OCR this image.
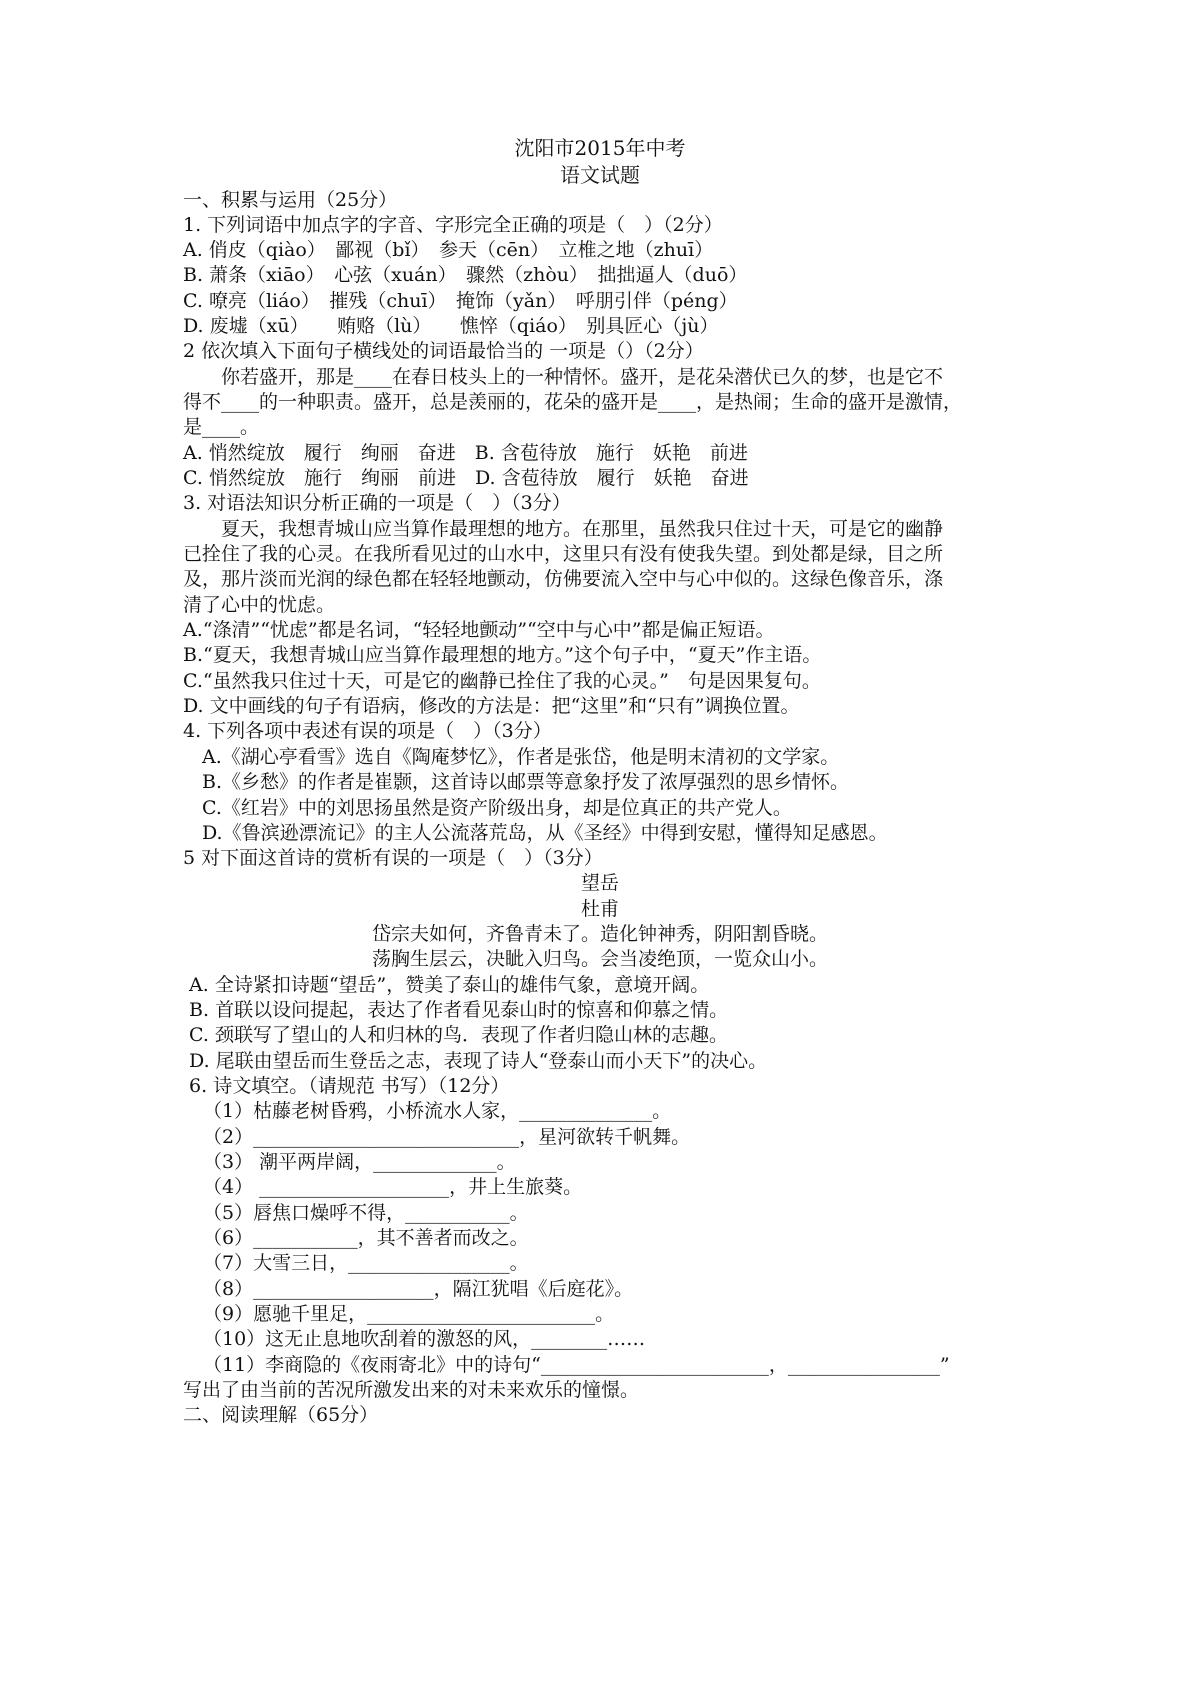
沈阳市2015年中考
语文试题
一、积累与运用（25分）
1. 下列词语中加点字的字音、字形完全正确的项是（　）（2分）
A. 俏皮（qiào）　鄙视（bǐ）　参天（cēn）　立椎之地（zhuī）
B. 萧条（xiāo）　心弦（xuán）　骤然（zhòu）　拙拙逼人（duō）
C. 嘹亮（liáo）　摧残（chuī）　掩饰（yǎn）　呼朋引伴（péng）
D. 废墟（xū）　　贿赂（lù）　　憔悴（qiáo）　别具匠心（jù）
2 依次填入下面句子横线处的词语最恰当的 一项是（）（2分）
　　你若盛开，那是____在春日枝头上的一种情怀。盛开，是花朵潜伏已久的梦，也是它不
得不____的一种职责。盛开，总是羡丽的，花朵的盛开是____，是热闹；生命的盛开是激情，
是____。
A. 悄然绽放　履行　绚丽　奋进　B. 含苞待放　施行　妖艳　前进
C. 悄然绽放　施行　绚丽　前进　D. 含苞待放　履行　妖艳　奋进
3. 对语法知识分析正确的一项是（　）（3分）
　　夏天，我想青城山应当算作最理想的地方。在那里，虽然我只住过十天，可是它的幽静
已拴住了我的心灵。在我所看见过的山水中，这里只有没有使我失望。到处都是绿，目之所
及，那片淡而光润的绿色都在轻轻地颤动，仿佛要流入空中与心中似的。这绿色像音乐，涤
清了心中的忧虑。
A.“涤清”“忧虑”都是名词，“轻轻地颤动”“空中与心中”都是偏正短语。
B.“夏天，我想青城山应当算作最理想的地方。”这个句子中，“夏天”作主语。
C.“虽然我只住过十天，可是它的幽静已拴住了我的心灵。”　句是因果复句。
D. 文中画线的句子有语病，修改的方法是：把“这里”和“只有”调换位置。
4. 下列各项中表述有误的项是（　）（3分）
　A.《湖心亭看雪》选自《陶庵梦忆》，作者是张岱，他是明末清初的文学家。
　B.《乡愁》的作者是崔颢，这首诗以邮票等意象抒发了浓厚强烈的思乡情怀。
　C.《红岩》中的刘思扬虽然是资产阶级出身，却是位真正的共产党人。
　D.《鲁滨逊漂流记》的主人公流落荒岛，从《圣经》中得到安慰，懂得知足感恩。
5 对下面这首诗的赏析有误的一项是（　）（3分）
望岳
杜甫
岱宗夫如何，齐鲁青未了。造化钟神秀，阴阳割昏晓。
荡胸生层云，决眦入归鸟。会当凌绝顶，一览众山小。
A. 全诗紧扣诗题“望岳”，赞美了泰山的雄伟气象，意境开阔。
B. 首联以设问提起，表达了作者看见泰山时的惊喜和仰慕之情。
C. 颈联写了望山的人和归林的鸟．表现了作者归隐山林的志趣。
D. 尾联由望岳而生登岳之志，表现了诗人“登泰山而小天下”的决心。
6. 诗文填空。（请规范 书写）（12分）
（1）枯藤老树昏鸦，小桥流水人家，______________。
（2）____________________________，星河欲转千帆舞。
（3） 潮平两岸阔，_____________。
（4） ____________________，井上生旅葵。
（5）唇焦口燥呼不得，___________。
（6）___________，其不善者而改之。
（7）大雪三日，_________________。
（8）___________________，隔江犹唱《后庭花》。
（9）愿驰千里足，________________________。
（10）这无止息地吹刮着的激怒的风，________……
（11）李商隐的《夜雨寄北》中的诗句“________________________，________________”
写出了由当前的苦况所激发出来的对未来欢乐的憧憬。
二、阅读理解（65分）
